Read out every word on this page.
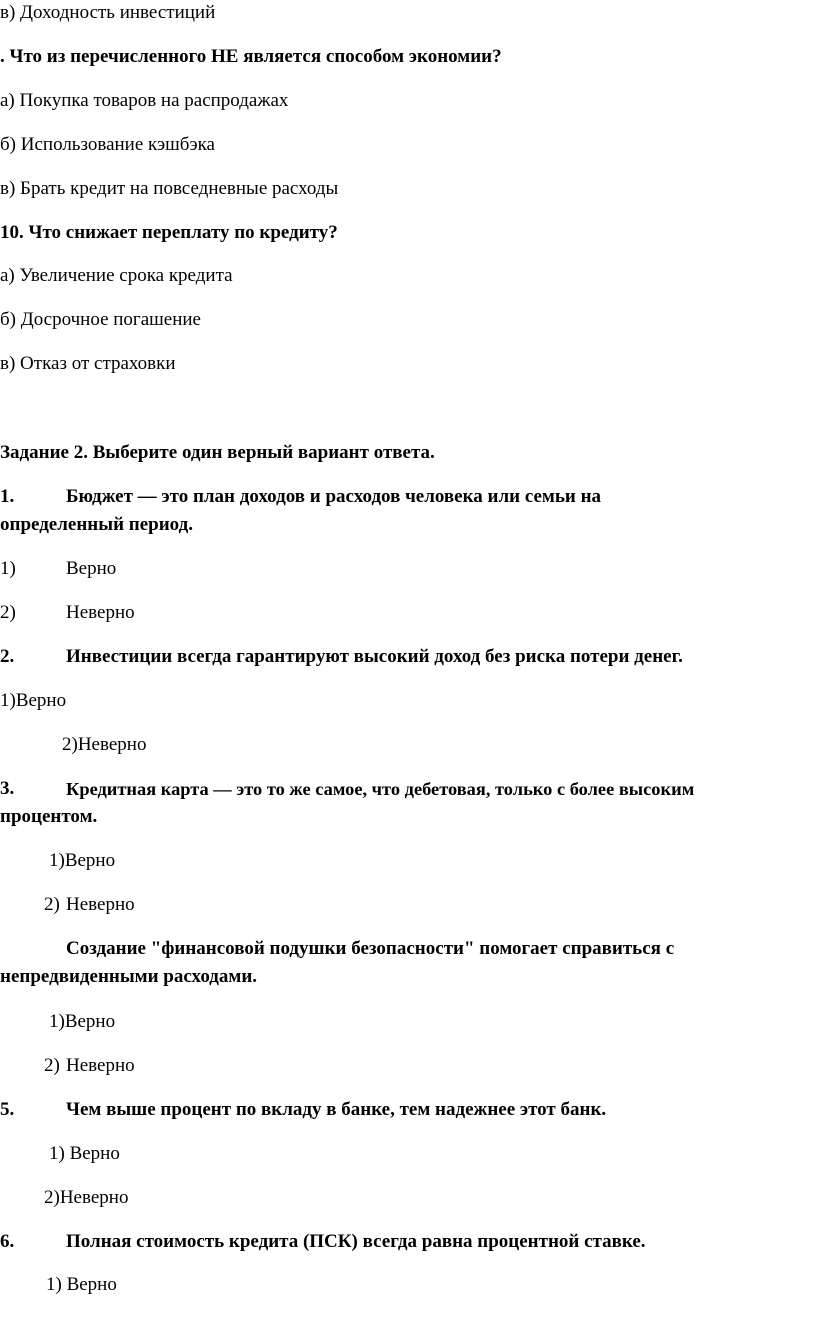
в) Доходность инвестиций
. Что из перечисленного НЕ является способом экономии?
а) Покупка товаров на распродажах
б) Использование кэшбэка
в) Брать кредит на повседневные расходы
10. Что снижает переплату по кредиту?
а) Увеличение срока кредита
б) Досрочное погашение
в) Отказ от страховки
Задание 2. Выберите один верный вариант ответа.
1.	Бюджет — это план доходов и расходов человека или семьи на
определенный период.
1)	Верно
2)	Неверно
2.	Инвестиции всегда гарантируют высокий доход без риска потери денег.
1)Верно
2)Неверно
3.	Кредитная карта — это то же самое, что дебетовая, только с более высоким
процентом.
1)Верно
2) Неверно
Создание "финансовой подушки безопасности" помогает справиться с
непредвиденными расходами.
1)Верно
2) Неверно
5.	Чем выше процент по вкладу в банке, тем надежнее этот банк.
1) Верно
2)Неверно
6.	Полная стоимость кредита (ПСК) всегда равна процентной ставке.
1) Верно
